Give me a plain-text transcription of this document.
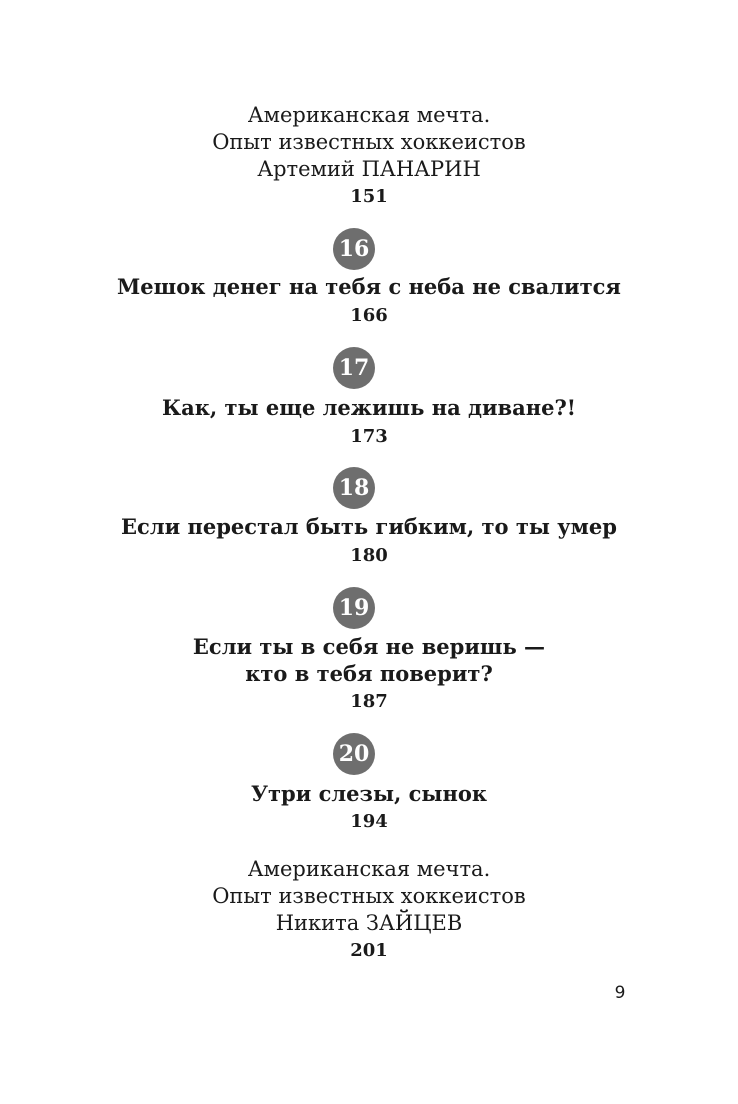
Американская мечта.
Опыт известных хоккеистов
Артемий ПАНАРИН
151
16
Мешок денег на тебя с неба не свалится
166
17
Как, ты еще лежишь на диване?!
173
18
Если перестал быть гибким, то ты умер
180
19
Если ты в себя не веришь —
кто в тебя поверит?
187
20
Утри слезы, сынок
194
Американская мечта.
Опыт известных хоккеистов
Никита ЗАЙЦЕВ
201
9
